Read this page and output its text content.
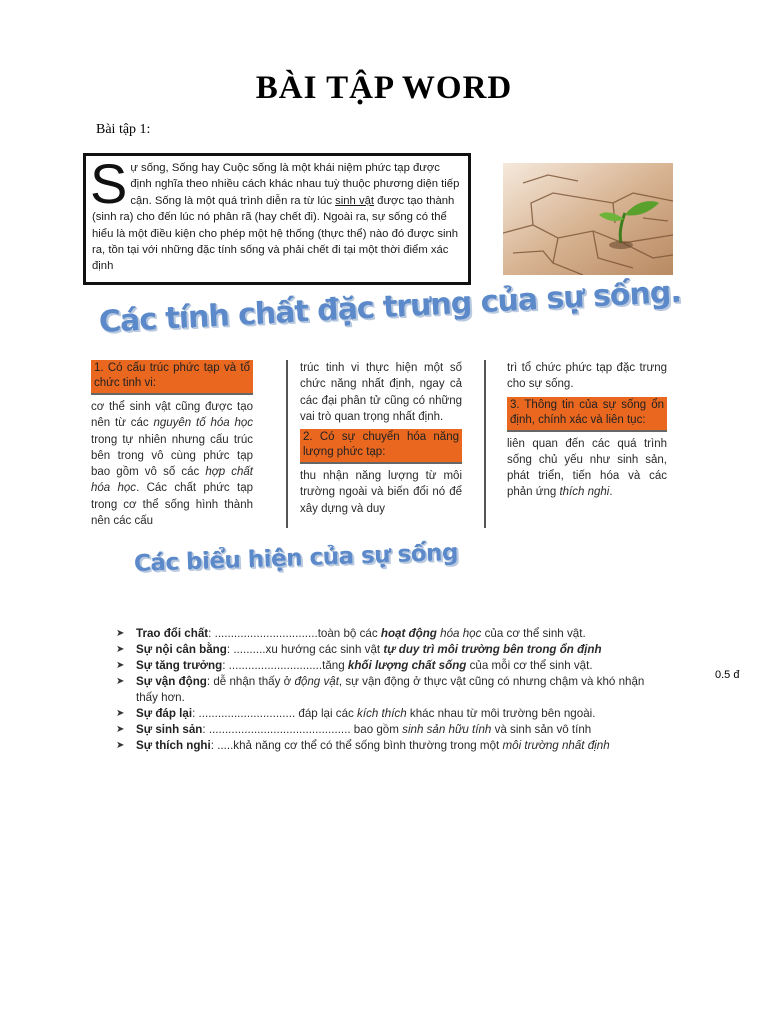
BÀI TẬP WORD
Bài tập 1:
S ự sống, Sống hay Cuộc sống là một khái niệm phức tạp được định nghĩa theo nhiều cách khác nhau tuỳ thuộc phương diện tiếp cận. Sống là một quá trình diễn ra từ lúc sinh vật được tạo thành (sinh ra) cho đến lúc nó phân rã (hay chết đi). Ngoài ra, sự sống có thể hiểu là một điều kiện cho phép một hệ thống (thực thể) nào đó được sinh ra, tồn tại với những đặc tính sống và phải chết đi tại một thời điểm xác định

Các tính chất đặc trưng của sự sống.
1. Có cấu trúc phức tạp và tổ chức tinh vi:

cơ thể sinh vật cũng được tạo nên từ các nguyên tố hóa học trong tự nhiên nhưng cấu trúc bên trong vô cùng phức tạp bao gồm vô số các hợp chất hóa học. Các chất phức tạp trong cơ thể sống hình thành nên các cấu

trúc tinh vi thực hiện một số chức năng nhất định, ngay cả các đại phân tử cũng có những vai trò quan trọng nhất định.

2. Có sự chuyển hóa năng lượng phức tạp:

thu nhận năng lượng từ môi trường ngoài và biến đổi nó để xây dựng và duy

trì tổ chức phức tạp đặc trưng cho sự sống.

3. Thông tin của sự sống ổn định, chính xác và liên tục:

liên quan đến các quá trình sống chủ yếu như sinh sản, phát triển, tiến hóa và các phản ứng thích nghi.

Các biểu hiện của sự sống
➤	Trao đổi chất: ................................toàn bộ các hoạt động hóa học của cơ thể sinh vật.
➤	Sự nội cân bằng: ..........xu hướng các sinh vật tự duy trì môi trường bên trong ổn định
➤	Sự tăng trưởng: .............................tăng khối lượng chất sống của mỗi cơ thể sinh vật.
➤	Sự vận động: dễ nhận thấy ở động vật, sự vận động ở thực vật cũng có nhưng chậm và khó nhận thấy hơn.
➤	Sự đáp lại: .............................. đáp lại các kích thích khác nhau từ môi trường bên ngoài.
➤	Sự sinh sản: ............................................ bao gồm sinh sản hữu tính và sinh sản vô tính
➤	Sự thích nghi: .....khả năng cơ thể có thể sống bình thường trong một môi trường nhất định
0.5 đ
